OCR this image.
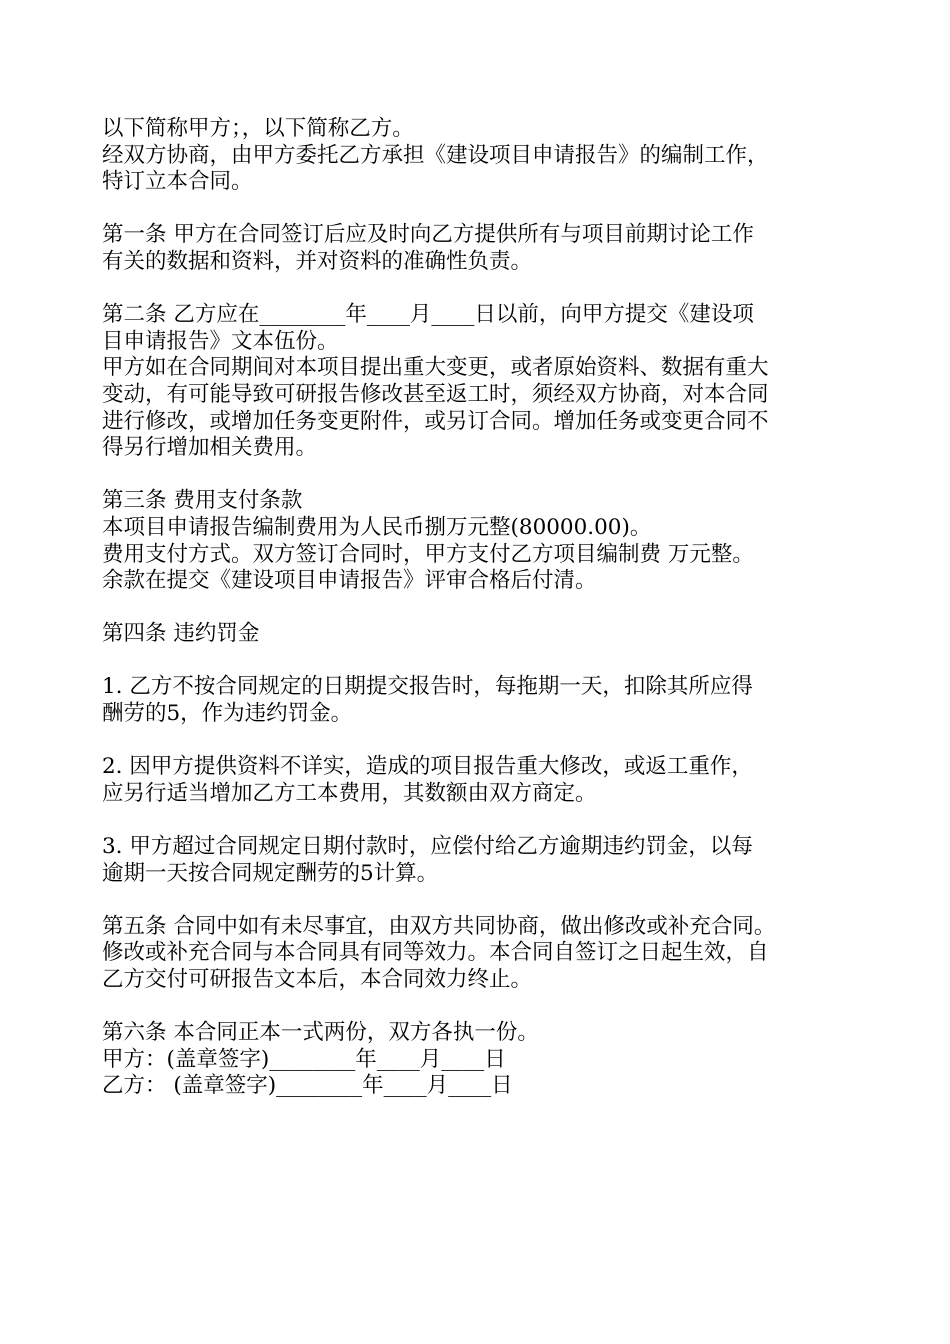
以下简称甲方；，以下简称乙方。
经双方协商，由甲方委托乙方承担《建设项目申请报告》的编制工作，
特订立本合同。
第一条 甲方在合同签订后应及时向乙方提供所有与项目前期讨论工作
有关的数据和资料，并对资料的准确性负责。
第二条 乙方应在________年____月____日以前，向甲方提交《建设项
目申请报告》文本伍份。
甲方如在合同期间对本项目提出重大变更，或者原始资料、数据有重大
变动，有可能导致可研报告修改甚至返工时，须经双方协商，对本合同
进行修改，或增加任务变更附件，或另订合同。增加任务或变更合同不
得另行增加相关费用。
第三条 费用支付条款
本项目申请报告编制费用为人民币捌万元整(80000.00)。
费用支付方式。双方签订合同时，甲方支付乙方项目编制费 万元整。
余款在提交《建设项目申请报告》评审合格后付清。
第四条 违约罚金
1. 乙方不按合同规定的日期提交报告时，每拖期一天，扣除其所应得
酬劳的5，作为违约罚金。
2. 因甲方提供资料不详实，造成的项目报告重大修改，或返工重作，
应另行适当增加乙方工本费用，其数额由双方商定。
3. 甲方超过合同规定日期付款时，应偿付给乙方逾期违约罚金，以每
逾期一天按合同规定酬劳的5计算。
第五条 合同中如有未尽事宜，由双方共同协商，做出修改或补充合同。
修改或补充合同与本合同具有同等效力。本合同自签订之日起生效，自
乙方交付可研报告文本后，本合同效力终止。
第六条 本合同正本一式两份，双方各执一份。
甲方：(盖章签字)________年____月____日
乙方： (盖章签字)________年____月____日
